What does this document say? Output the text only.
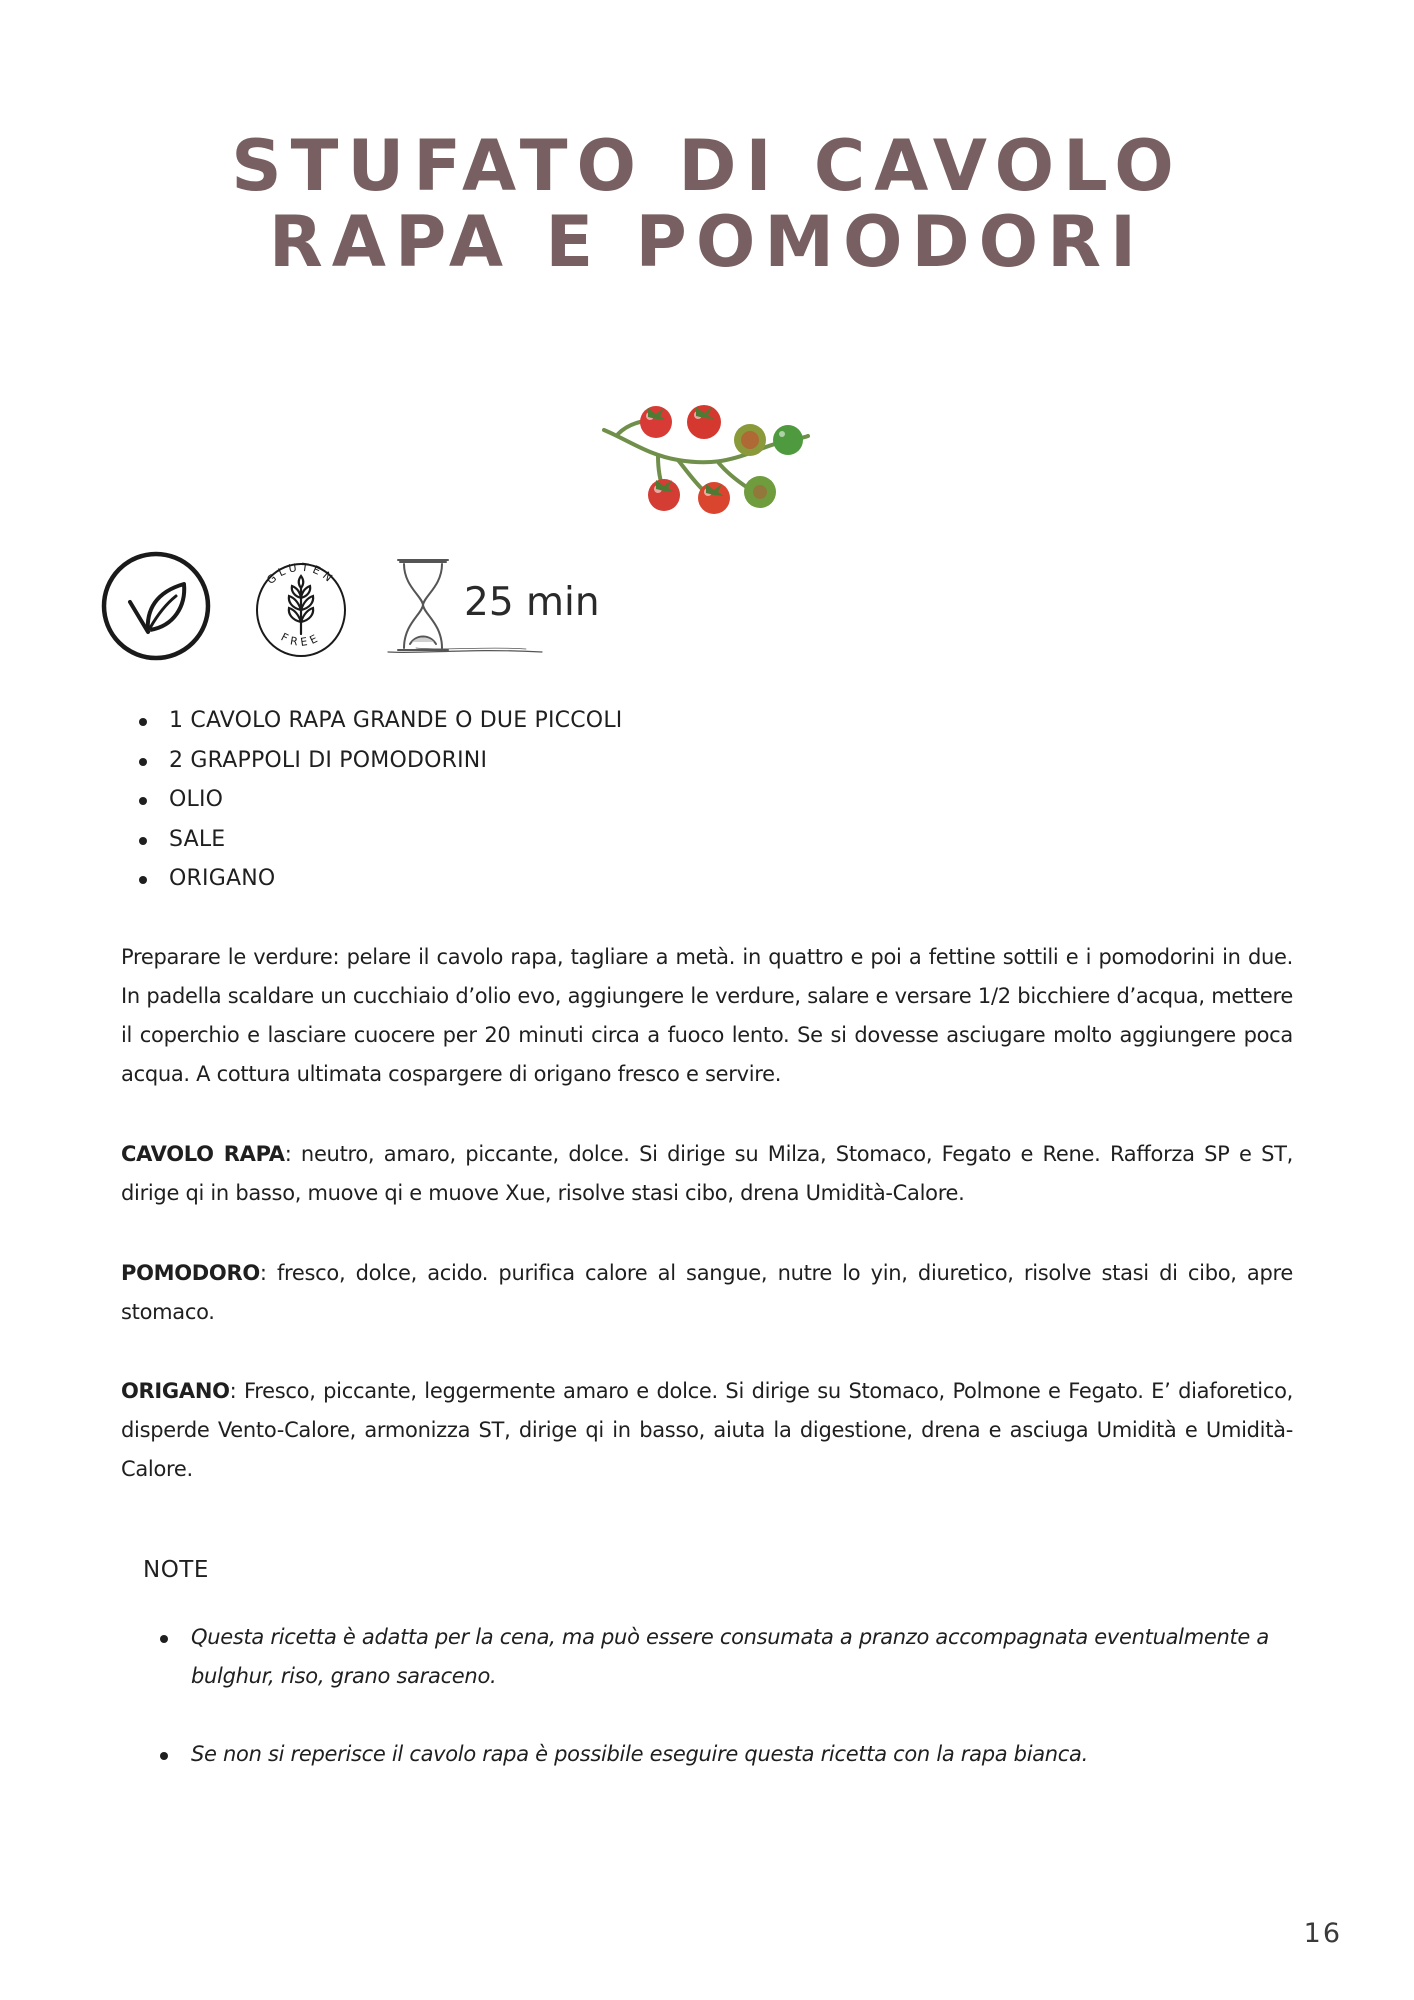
STUFATO DI CAVOLO
RAPA E POMODORI
GLUTEN
FREE
25 min
1 CAVOLO RAPA GRANDE O DUE PICCOLI
2 GRAPPOLI DI POMODORINI
OLIO
SALE
ORIGANO

Preparare le verdure: pelare il cavolo rapa, tagliare a metà. in quattro e poi a fettine sottili e i pomodorini in due. In padella scaldare un cucchiaio d’olio evo, aggiungere le verdure, salare e versare 1/2 bicchiere d’acqua, mettere il coperchio e lasciare cuocere per 20 minuti circa a fuoco lento. Se si dovesse asciugare molto aggiungere poca acqua. A cottura ultimata cospargere di origano fresco e servire.

CAVOLO RAPA: neutro, amaro, piccante, dolce. Si dirige su Milza, Stomaco, Fegato e Rene. Rafforza SP e ST, dirige qi in basso, muove qi e muove Xue, risolve stasi cibo, drena Umidità-Calore.

POMODORO: fresco, dolce, acido. purifica calore al sangue, nutre lo yin, diuretico, risolve stasi di cibo, apre stomaco.

ORIGANO: Fresco, piccante, leggermente amaro e dolce. Si dirige su Stomaco, Polmone e Fegato. E’ diaforetico, disperde Vento-Calore, armonizza ST, dirige qi in basso, aiuta la digestione, drena e asciuga Umidità e Umidità-Calore.

NOTE
Questa ricetta è adatta per la cena, ma può essere consumata a pranzo accompagnata eventualmente a bulghur, riso, grano saraceno.
Se non si reperisce il cavolo rapa è possibile eseguire questa ricetta con la rapa bianca.
16
